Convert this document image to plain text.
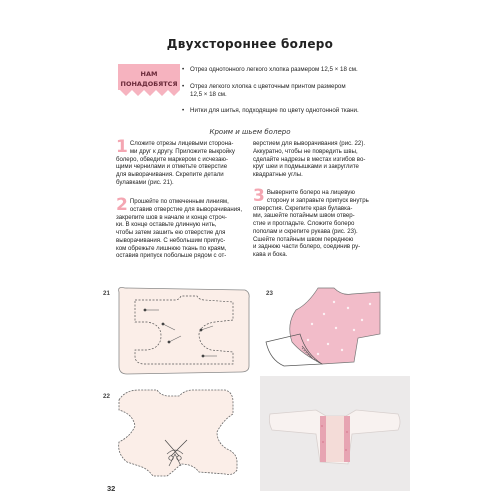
Двухстороннее болеро
НАМ
ПОНАДОБЯТСЯ
• Отрез однотонного легкого хлопка размером 12,5 × 18 см.
• Отрез легкого хлопка с цветочным принтом размером
12,5 × 18 см.
• Нитки для шитья, подходящие по цвету однотонной ткани.
Кроим и шьем болеро
1 Сложите отрезы лицевыми сторона-
ми друг к другу. Приложите выкройку
болеро, обведите маркером с исчезаю-
щими чернилами и отметьте отверстие
для выворачивания. Скрепите детали
булавками (рис. 21).
2 Прошейте по отмеченным линиям,
оставив отверстие для выворачивания,
закрепите шов в начале и конце строч-
ки. В конце оставьте длинную нить,
чтобы затем зашить ею отверстие для
выворачивания. С небольшим припус-
ком обрежьте лишнюю ткань по краям,
оставив припуск побольше рядом с от-
верстием для выворачивания (рис. 22).
Аккуратно, чтобы не повредить швы,
сделайте надрезы в местах изгибов во-
круг шеи и подмышками и закруглите
квадратные углы.
3 Выверните болеро на лицевую
сторону и заправьте припуск внутрь
отверстия. Скрепите края булавка-
ми, зашейте потайным швом отвер-
стие и прогладьте. Сложите болеро
пополам и скрепите рукава (рис. 23).
Сшейте потайным швом переднюю
и заднюю части болеро, соединив ру-
кава и бока.
21	23
22
32
